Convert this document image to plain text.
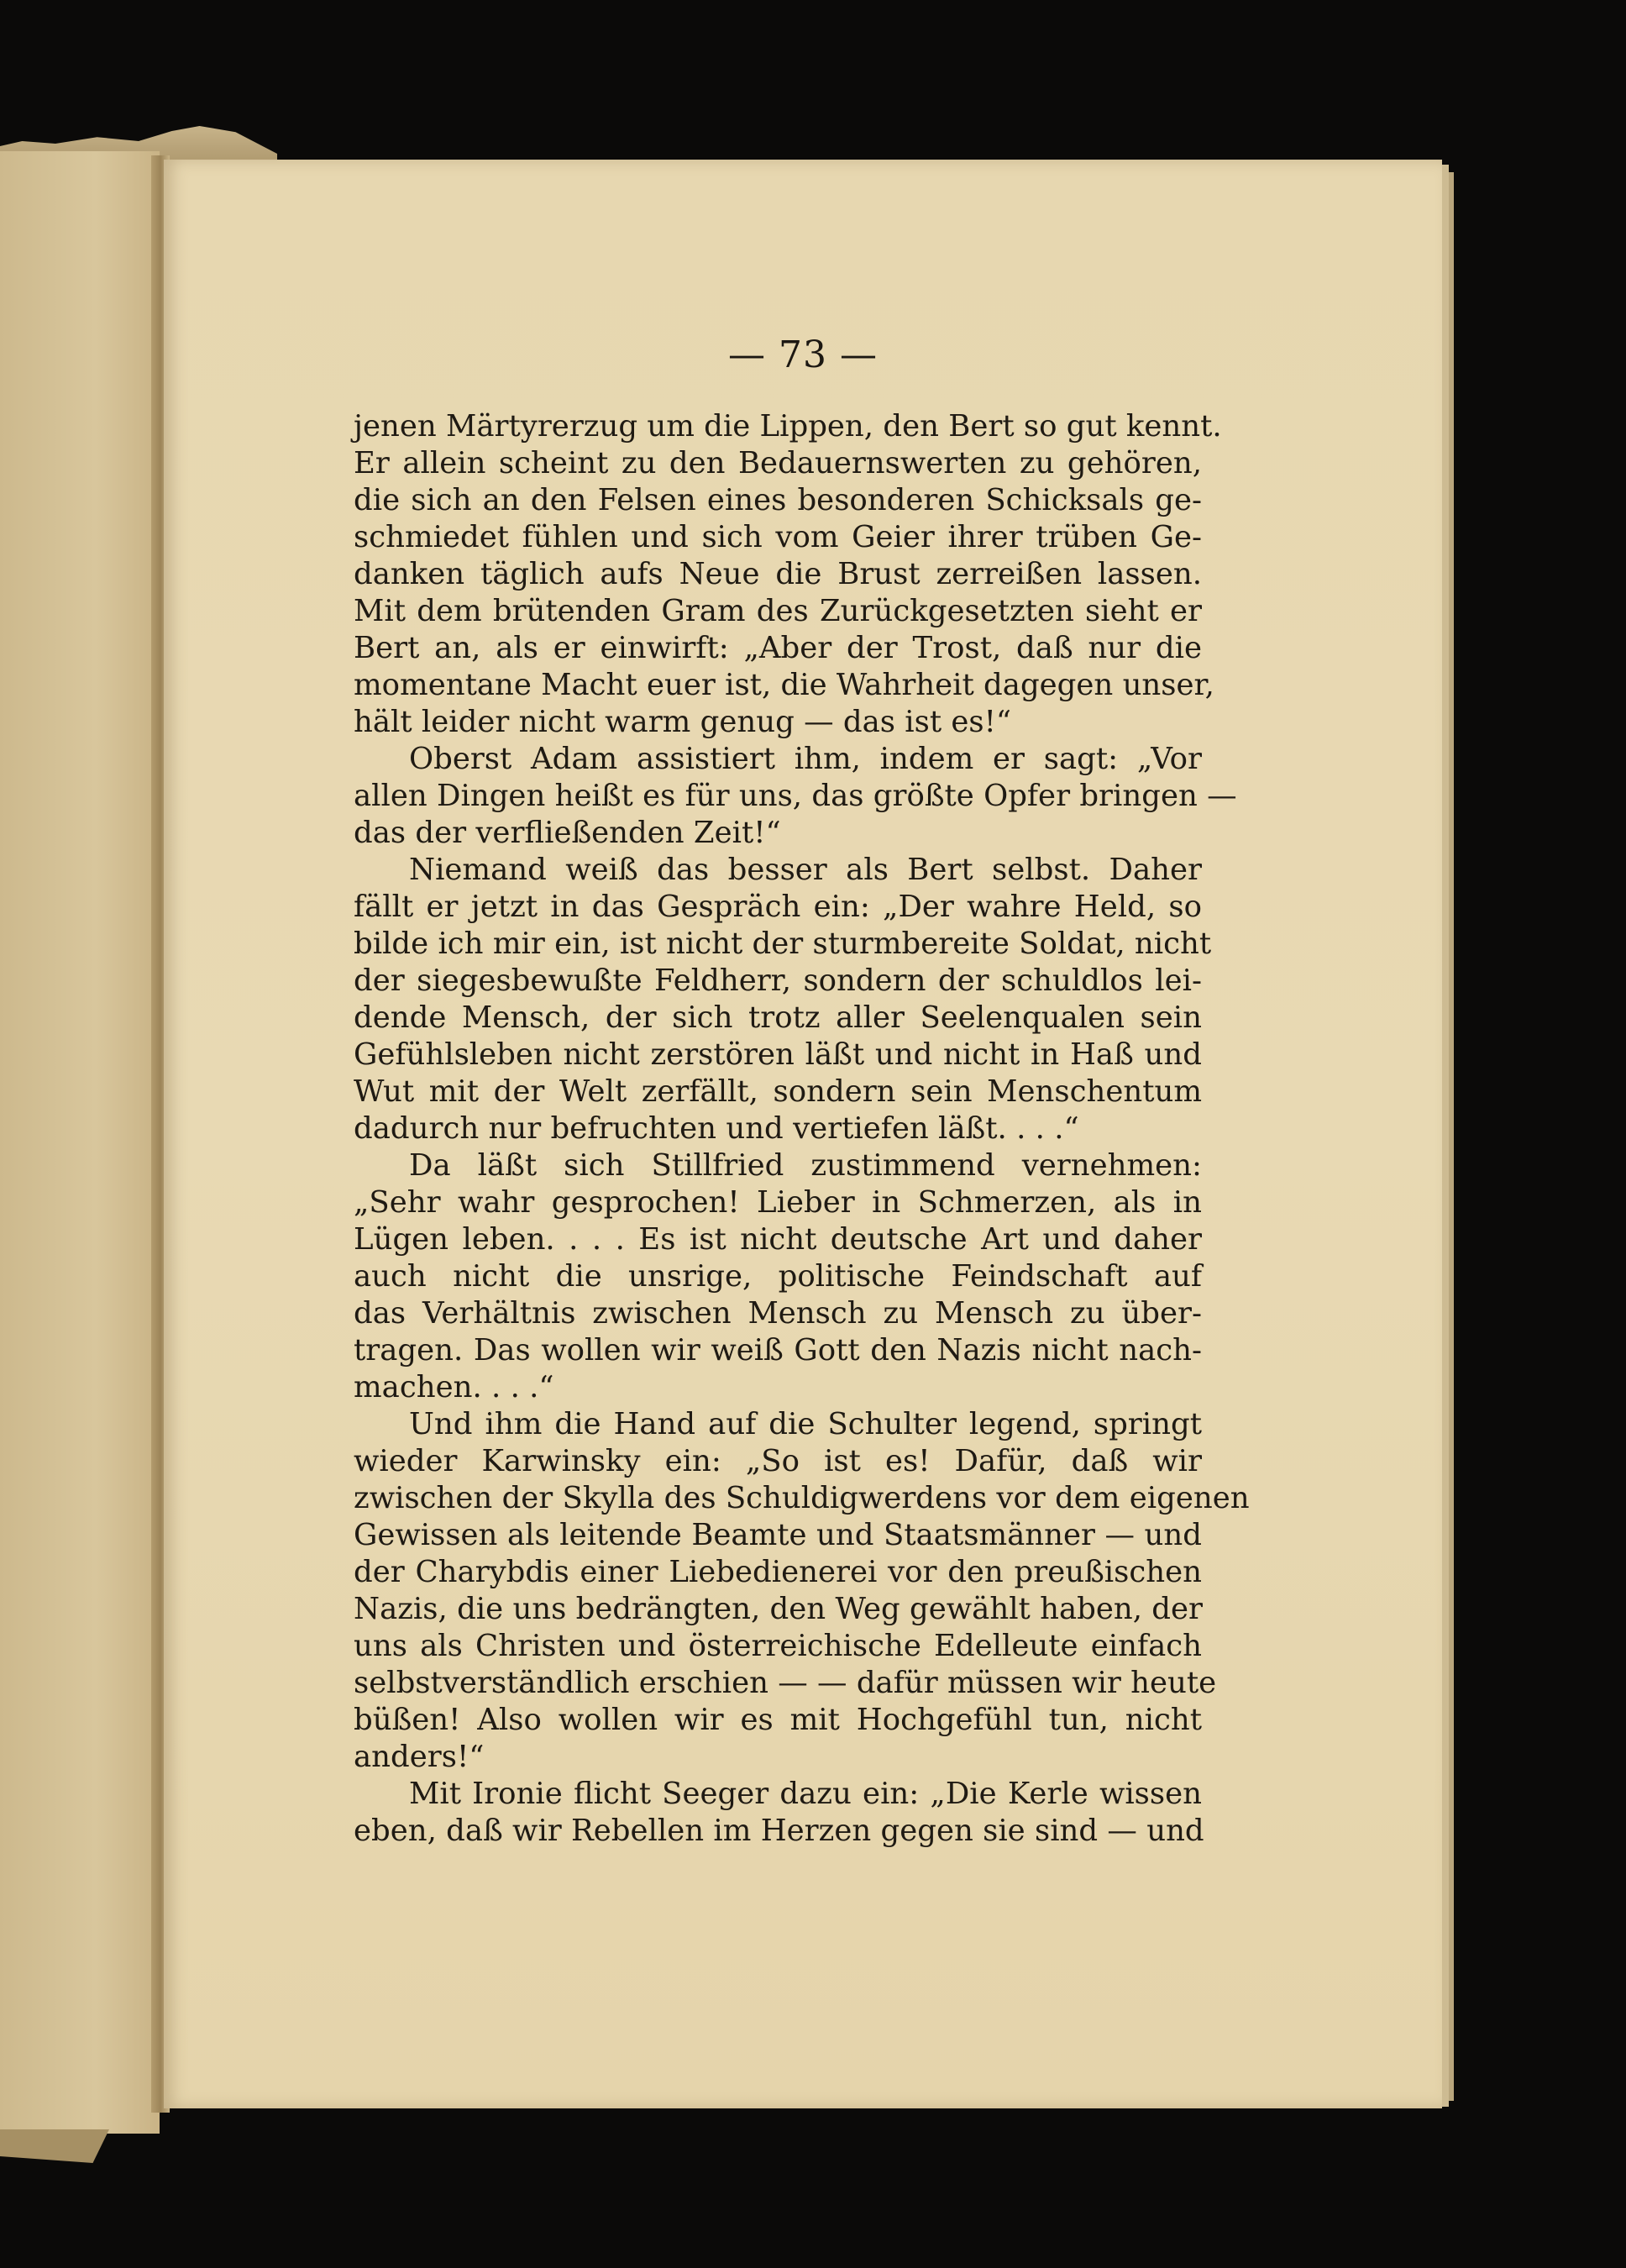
— 73 —
jenen Märtyrerzug um die Lippen, den Bert so gut kennt.
Er allein scheint zu den Bedauernswerten zu gehören,
die sich an den Felsen eines besonderen Schicksals ge-
schmiedet fühlen und sich vom Geier ihrer trüben Ge-
danken täglich aufs Neue die Brust zerreißen lassen.
Mit dem brütenden Gram des Zurückgesetzten sieht er
Bert an, als er einwirft: „Aber der Trost, daß nur die
momentane Macht euer ist, die Wahrheit dagegen unser,
hält leider nicht warm genug — das ist es!“
Oberst Adam assistiert ihm, indem er sagt: „Vor
allen Dingen heißt es für uns, das größte Opfer bringen —
das der verfließenden Zeit!“
Niemand weiß das besser als Bert selbst. Daher
fällt er jetzt in das Gespräch ein: „Der wahre Held, so
bilde ich mir ein, ist nicht der sturmbereite Soldat, nicht
der siegesbewußte Feldherr, sondern der schuldlos lei-
dende Mensch, der sich trotz aller Seelenqualen sein
Gefühlsleben nicht zerstören läßt und nicht in Haß und
Wut mit der Welt zerfällt, sondern sein Menschentum
dadurch nur befruchten und vertiefen läßt. . . .“
Da läßt sich Stillfried zustimmend vernehmen:
„Sehr wahr gesprochen! Lieber in Schmerzen, als in
Lügen leben. . . . Es ist nicht deutsche Art und daher
auch nicht die unsrige, politische Feindschaft auf
das Verhältnis zwischen Mensch zu Mensch zu über-
tragen. Das wollen wir weiß Gott den Nazis nicht nach-
machen. . . .“
Und ihm die Hand auf die Schulter legend, springt
wieder Karwinsky ein: „So ist es! Dafür, daß wir
zwischen der Skylla des Schuldigwerdens vor dem eigenen
Gewissen als leitende Beamte und Staatsmänner — und
der Charybdis einer Liebedienerei vor den preußischen
Nazis, die uns bedrängten, den Weg gewählt haben, der
uns als Christen und österreichische Edelleute einfach
selbstverständlich erschien — — dafür müssen wir heute
büßen! Also wollen wir es mit Hochgefühl tun, nicht
anders!“
Mit Ironie flicht Seeger dazu ein: „Die Kerle wissen
eben, daß wir Rebellen im Herzen gegen sie sind — und
